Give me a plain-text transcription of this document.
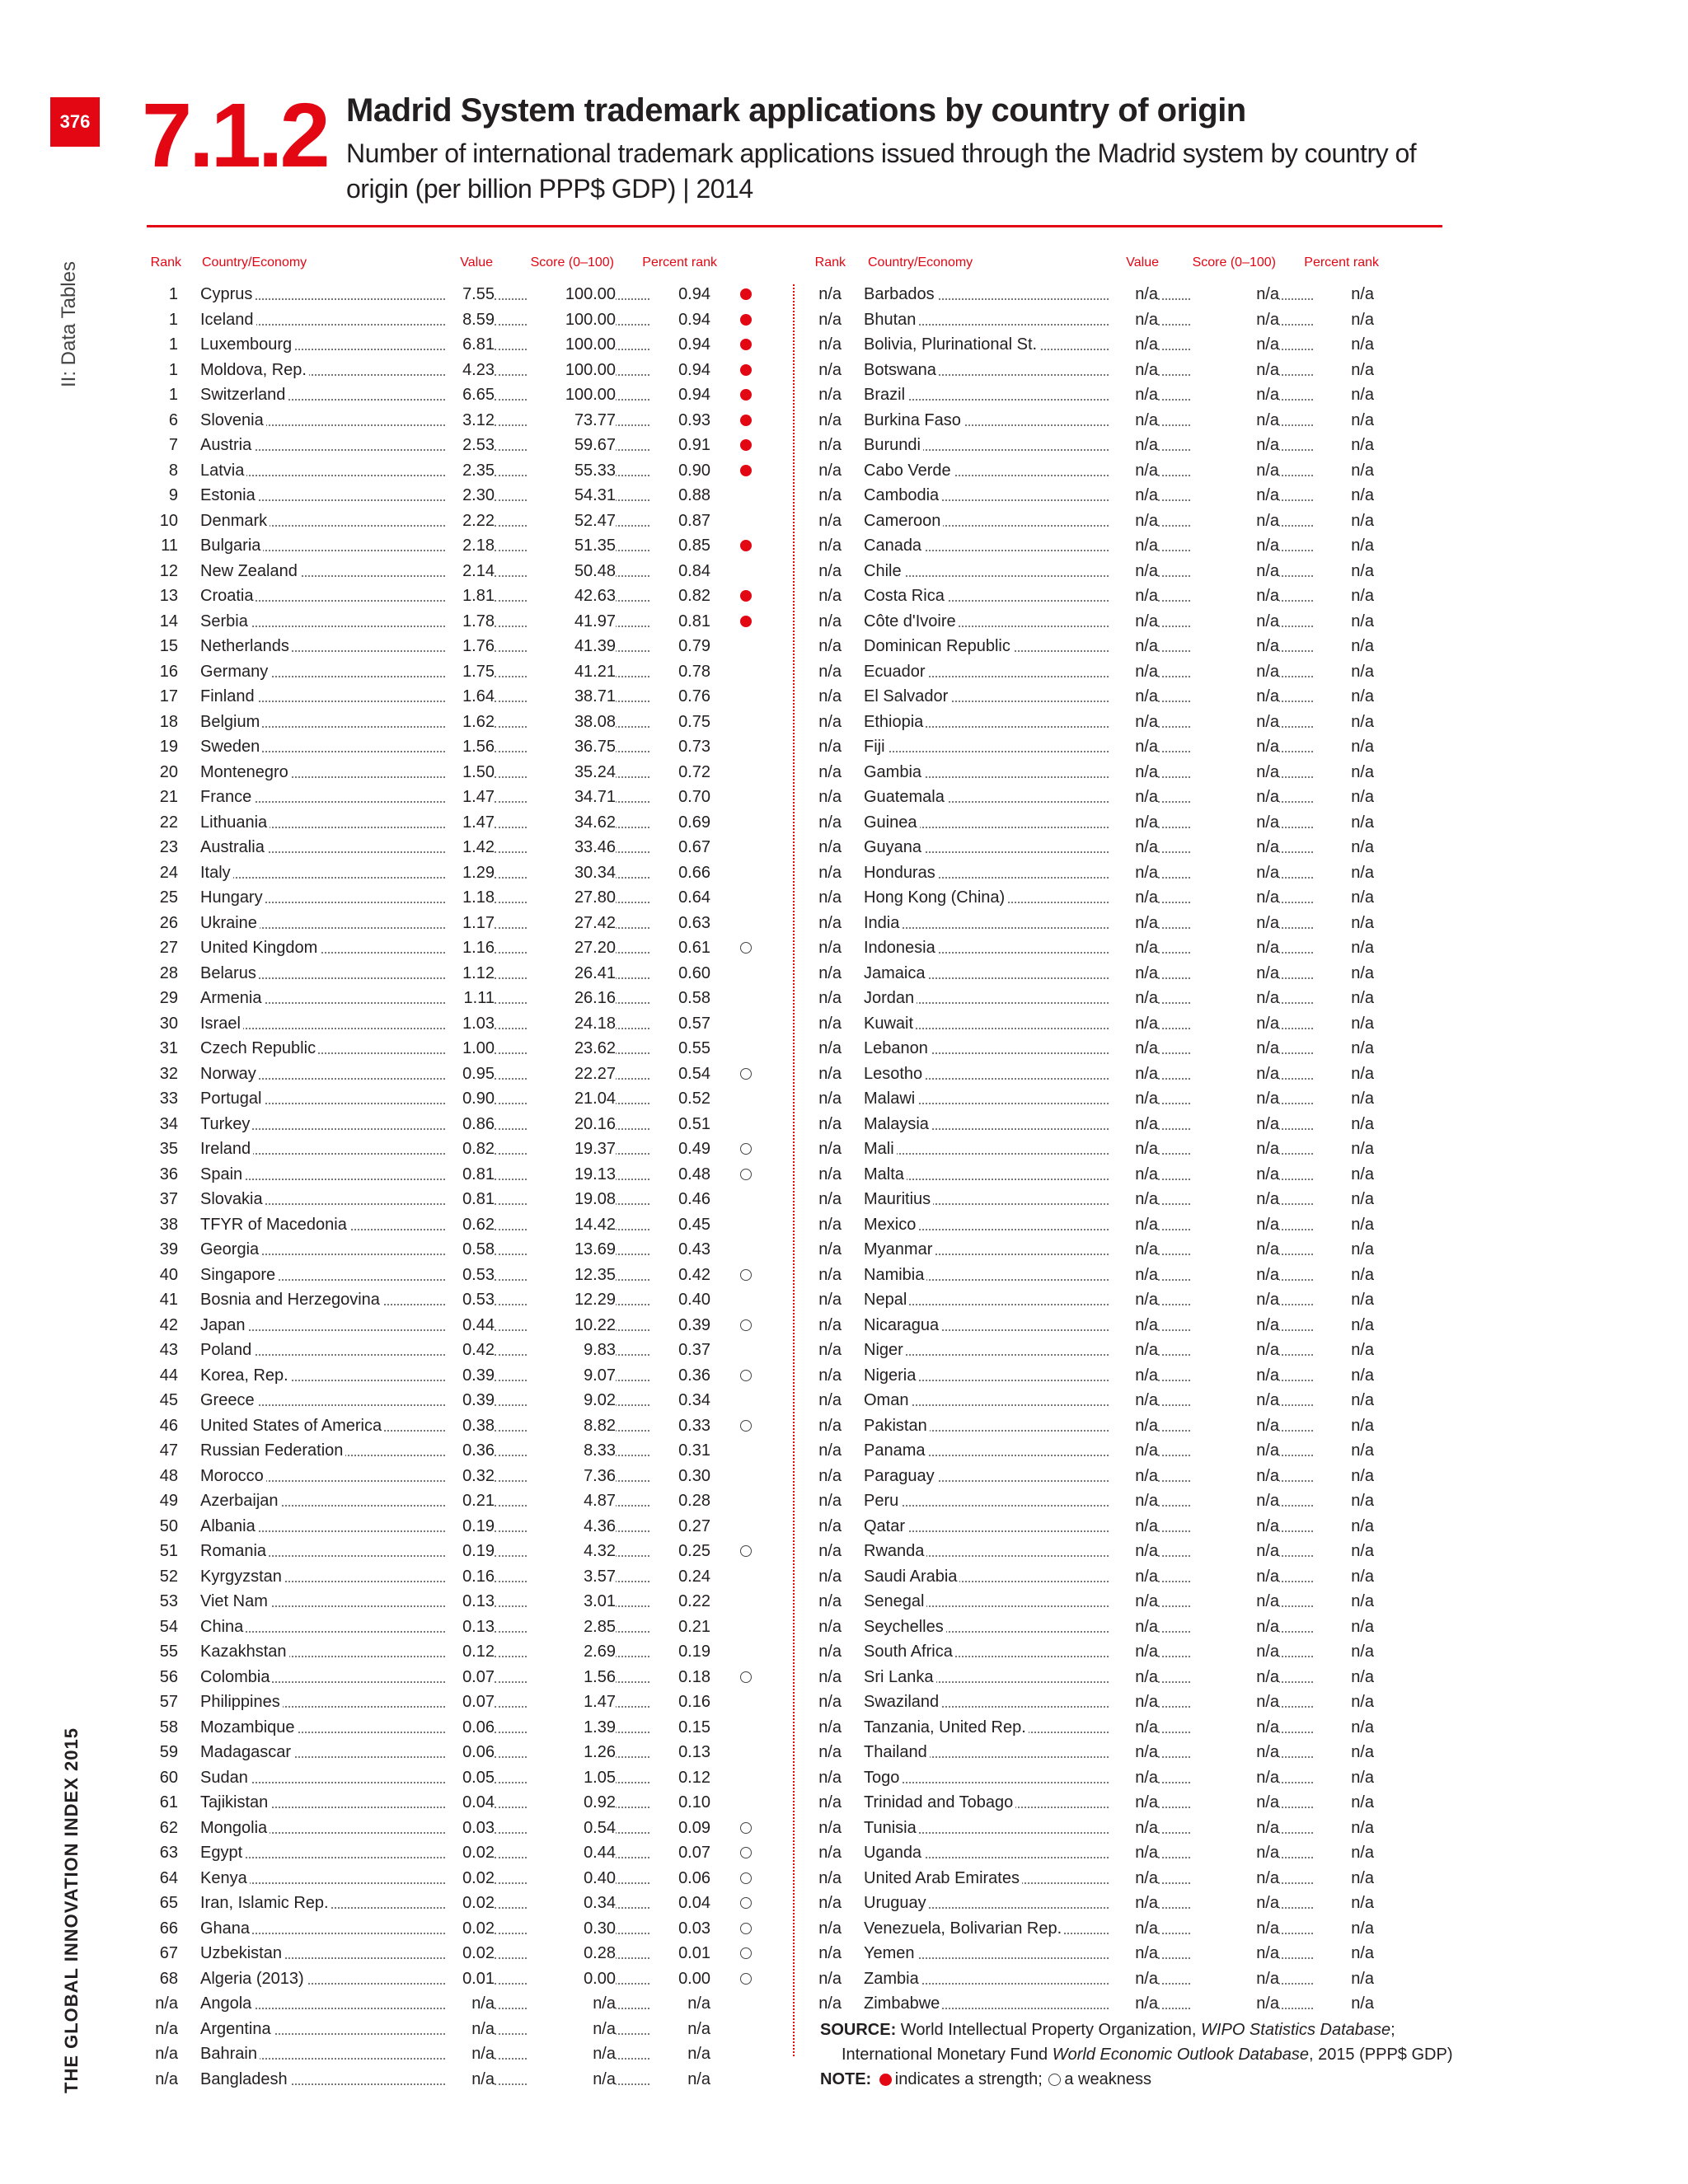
376
II: Data Tables
THE GLOBAL INNOVATION INDEX 2015
7.1.2 Madrid System trademark applications by country of origin
Number of international trademark applications issued through the Madrid system by country of origin (per billion PPP$ GDP) | 2014
Rank Country/Economy	Value	Score (0–100)	Percent rank	Rank Country/Economy	Value	Score (0–100)	Percent rank
1 Cyprus	7.55	100.00	0.94
1 Iceland	8.59	100.00	0.94
1 Luxembourg	6.81	100.00	0.94
1 Moldova, Rep.	4.23	100.00	0.94
1 Switzerland	6.65	100.00	0.94
6 Slovenia	3.12	73.77	0.93
7 Austria	2.53	59.67	0.91
8 Latvia	2.35	55.33	0.90
9 Estonia	2.30	54.31	0.88
10 Denmark	2.22	52.47	0.87
11 Bulgaria	2.18	51.35	0.85
12 New Zealand	2.14	50.48	0.84
13 Croatia	1.81	42.63	0.82
14 Serbia	1.78	41.97	0.81
15 Netherlands	1.76	41.39	0.79
16 Germany	1.75	41.21	0.78
17 Finland	1.64	38.71	0.76
18 Belgium	1.62	38.08	0.75
19 Sweden	1.56	36.75	0.73
20 Montenegro	1.50	35.24	0.72
21 France	1.47	34.71	0.70
22 Lithuania	1.47	34.62	0.69
23 Australia	1.42	33.46	0.67
24 Italy	1.29	30.34	0.66
25 Hungary	1.18	27.80	0.64
26 Ukraine	1.17	27.42	0.63
27 United Kingdom	1.16	27.20	0.61
28 Belarus	1.12	26.41	0.60
29 Armenia	1.11	26.16	0.58
30 Israel	1.03	24.18	0.57
31 Czech Republic	1.00	23.62	0.55
32 Norway	0.95	22.27	0.54
33 Portugal	0.90	21.04	0.52
34 Turkey	0.86	20.16	0.51
35 Ireland	0.82	19.37	0.49
36 Spain	0.81	19.13	0.48
37 Slovakia	0.81	19.08	0.46
38 TFYR of Macedonia	0.62	14.42	0.45
39 Georgia	0.58	13.69	0.43
40 Singapore	0.53	12.35	0.42
41 Bosnia and Herzegovina	0.53	12.29	0.40
42 Japan	0.44	10.22	0.39
43 Poland	0.42	9.83	0.37
44 Korea, Rep.	0.39	9.07	0.36
45 Greece	0.39	9.02	0.34
46 United States of America	0.38	8.82	0.33
47 Russian Federation	0.36	8.33	0.31
48 Morocco	0.32	7.36	0.30
49 Azerbaijan	0.21	4.87	0.28
50 Albania	0.19	4.36	0.27
51 Romania	0.19	4.32	0.25
52 Kyrgyzstan	0.16	3.57	0.24
53 Viet Nam	0.13	3.01	0.22
54 China	0.13	2.85	0.21
55 Kazakhstan	0.12	2.69	0.19
56 Colombia	0.07	1.56	0.18
57 Philippines	0.07	1.47	0.16
58 Mozambique	0.06	1.39	0.15
59 Madagascar	0.06	1.26	0.13
60 Sudan	0.05	1.05	0.12
61 Tajikistan	0.04	0.92	0.10
62 Mongolia	0.03	0.54	0.09
63 Egypt	0.02	0.44	0.07
64 Kenya	0.02	0.40	0.06
65 Iran, Islamic Rep.	0.02	0.34	0.04
66 Ghana	0.02	0.30	0.03
67 Uzbekistan	0.02	0.28	0.01
68 Algeria (2013)	0.01	0.00	0.00
n/a Angola	n/a	n/a	n/a
n/a Argentina	n/a	n/a	n/a
n/a Bahrain	n/a	n/a	n/a
n/a Bangladesh	n/a	n/a	n/a
n/a Barbados	n/a	n/a	n/a
n/a Bhutan	n/a	n/a	n/a
n/a Bolivia, Plurinational St.	n/a	n/a	n/a
n/a Botswana	n/a	n/a	n/a
n/a Brazil	n/a	n/a	n/a
n/a Burkina Faso	n/a	n/a	n/a
n/a Burundi	n/a	n/a	n/a
n/a Cabo Verde	n/a	n/a	n/a
n/a Cambodia	n/a	n/a	n/a
n/a Cameroon	n/a	n/a	n/a
n/a Canada	n/a	n/a	n/a
n/a Chile	n/a	n/a	n/a
n/a Costa Rica	n/a	n/a	n/a
n/a Côte d'Ivoire	n/a	n/a	n/a
n/a Dominican Republic	n/a	n/a	n/a
n/a Ecuador	n/a	n/a	n/a
n/a El Salvador	n/a	n/a	n/a
n/a Ethiopia	n/a	n/a	n/a
n/a Fiji	n/a	n/a	n/a
n/a Gambia	n/a	n/a	n/a
n/a Guatemala	n/a	n/a	n/a
n/a Guinea	n/a	n/a	n/a
n/a Guyana	n/a	n/a	n/a
n/a Honduras	n/a	n/a	n/a
n/a Hong Kong (China)	n/a	n/a	n/a
n/a India	n/a	n/a	n/a
n/a Indonesia	n/a	n/a	n/a
n/a Jamaica	n/a	n/a	n/a
n/a Jordan	n/a	n/a	n/a
n/a Kuwait	n/a	n/a	n/a
n/a Lebanon	n/a	n/a	n/a
n/a Lesotho	n/a	n/a	n/a
n/a Malawi	n/a	n/a	n/a
n/a Malaysia	n/a	n/a	n/a
n/a Mali	n/a	n/a	n/a
n/a Malta	n/a	n/a	n/a
n/a Mauritius	n/a	n/a	n/a
n/a Mexico	n/a	n/a	n/a
n/a Myanmar	n/a	n/a	n/a
n/a Namibia	n/a	n/a	n/a
n/a Nepal	n/a	n/a	n/a
n/a Nicaragua	n/a	n/a	n/a
n/a Niger	n/a	n/a	n/a
n/a Nigeria	n/a	n/a	n/a
n/a Oman	n/a	n/a	n/a
n/a Pakistan	n/a	n/a	n/a
n/a Panama	n/a	n/a	n/a
n/a Paraguay	n/a	n/a	n/a
n/a Peru	n/a	n/a	n/a
n/a Qatar	n/a	n/a	n/a
n/a Rwanda	n/a	n/a	n/a
n/a Saudi Arabia	n/a	n/a	n/a
n/a Senegal	n/a	n/a	n/a
n/a Seychelles	n/a	n/a	n/a
n/a South Africa	n/a	n/a	n/a
n/a Sri Lanka	n/a	n/a	n/a
n/a Swaziland	n/a	n/a	n/a
n/a Tanzania, United Rep.	n/a	n/a	n/a
n/a Thailand	n/a	n/a	n/a
n/a Togo	n/a	n/a	n/a
n/a Trinidad and Tobago	n/a	n/a	n/a
n/a Tunisia	n/a	n/a	n/a
n/a Uganda	n/a	n/a	n/a
n/a United Arab Emirates	n/a	n/a	n/a
n/a Uruguay	n/a	n/a	n/a
n/a Venezuela, Bolivarian Rep.	n/a	n/a	n/a
n/a Yemen	n/a	n/a	n/a
n/a Zambia	n/a	n/a	n/a
n/a Zimbabwe	n/a	n/a	n/a
SOURCE: World Intellectual Property Organization, WIPO Statistics Database;
International Monetary Fund World Economic Outlook Database, 2015 (PPP$ GDP)
NOTE: indicates a strength; a weakness
